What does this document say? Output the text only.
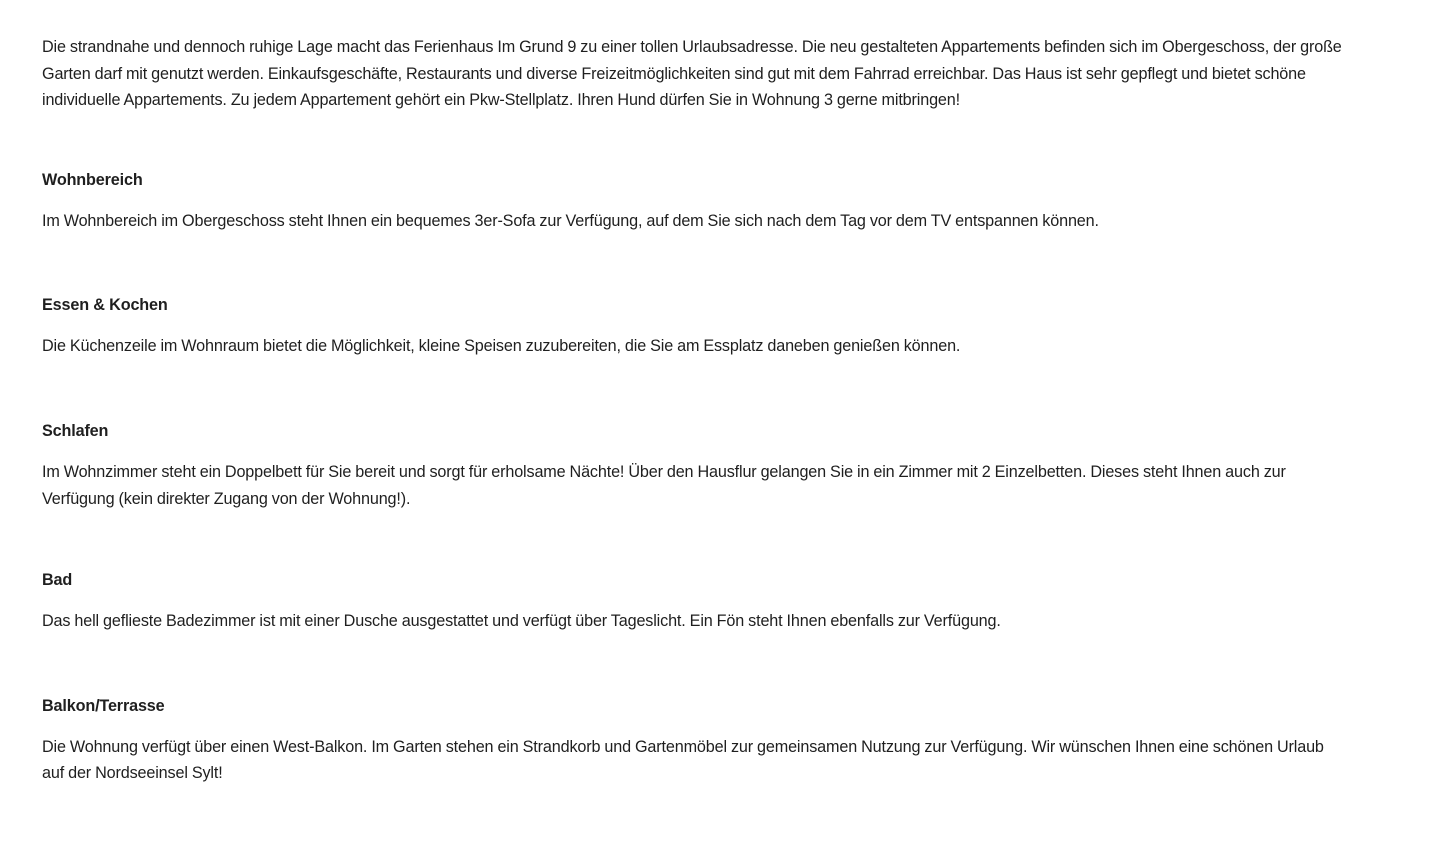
Die strandnahe und dennoch ruhige Lage macht das Ferienhaus Im Grund 9 zu einer tollen Urlaubsadresse. Die neu gestalteten Appartements befinden sich im Obergeschoss, der große Garten darf mit genutzt werden. Einkaufsgeschäfte, Restaurants und diverse Freizeitmöglichkeiten sind gut mit dem Fahrrad erreichbar. Das Haus ist sehr gepflegt und bietet schöne individuelle Appartements. Zu jedem Appartement gehört ein Pkw-Stellplatz. Ihren Hund dürfen Sie in Wohnung 3 gerne mitbringen!

Wohnbereich

Im Wohnbereich im Obergeschoss steht Ihnen ein bequemes 3er-Sofa zur Verfügung, auf dem Sie sich nach dem Tag vor dem TV entspannen können.

Essen & Kochen

Die Küchenzeile im Wohnraum bietet die Möglichkeit, kleine Speisen zuzubereiten, die Sie am Essplatz daneben genießen können.

Schlafen

Im Wohnzimmer steht ein Doppelbett für Sie bereit und sorgt für erholsame Nächte! Über den Hausflur gelangen Sie in ein Zimmer mit 2 Einzelbetten. Dieses steht Ihnen auch zur Verfügung (kein direkter Zugang von der Wohnung!).

Bad

Das hell geflieste Badezimmer ist mit einer Dusche ausgestattet und verfügt über Tageslicht. Ein Fön steht Ihnen ebenfalls zur Verfügung.

Balkon/Terrasse

Die Wohnung verfügt über einen West-Balkon. Im Garten stehen ein Strandkorb und Gartenmöbel zur gemeinsamen Nutzung zur Verfügung. Wir wünschen Ihnen eine schönen Urlaub auf der Nordseeinsel Sylt!
